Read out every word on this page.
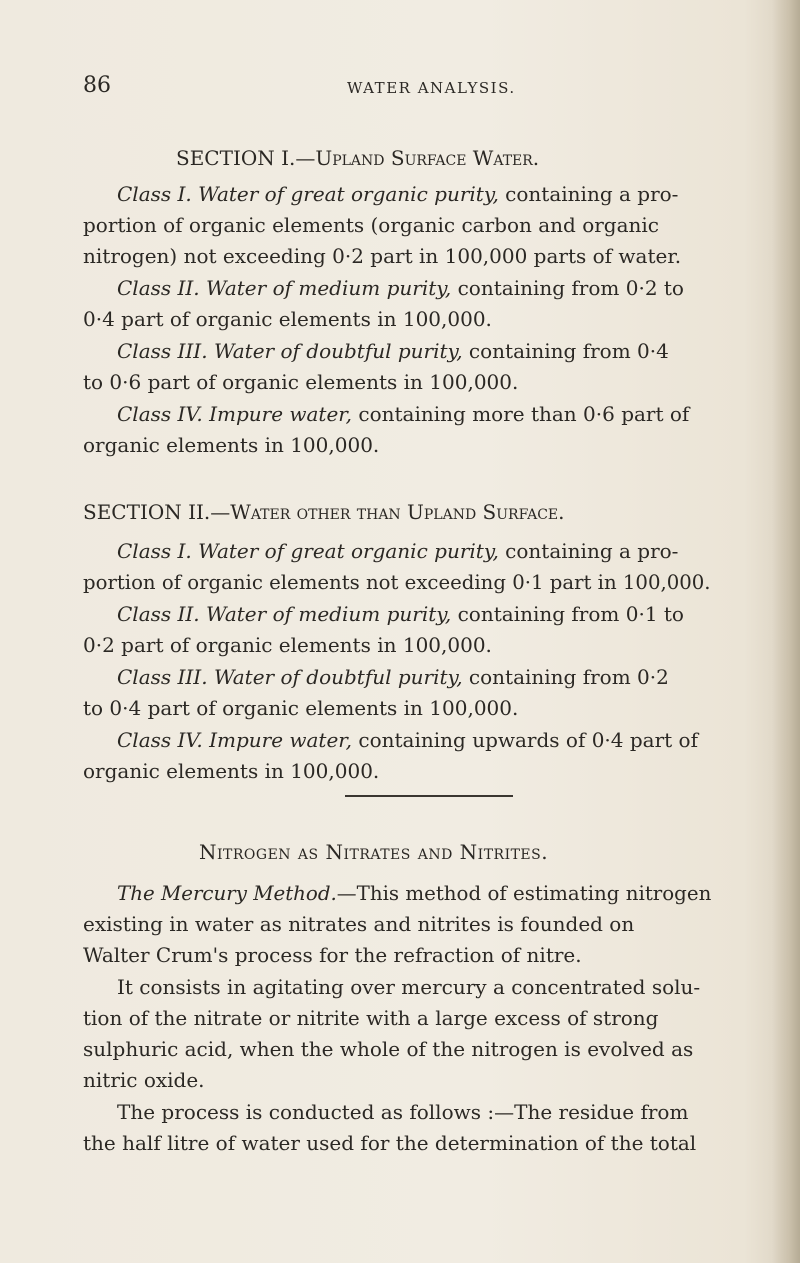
86	WATER ANALYSIS.
SECTION I.—Upland Surface Water.
Class I. Water of great organic purity, containing a pro-
portion of organic elements (organic carbon and organic
nitrogen) not exceeding 0·2 part in 100,000 parts of water.
Class II. Water of medium purity, containing from 0·2 to
0·4 part of organic elements in 100,000.
Class III. Water of doubtful purity, containing from 0·4
to 0·6 part of organic elements in 100,000.
Class IV. Impure water, containing more than 0·6 part of
organic elements in 100,000.
SECTION II.—Water other than Upland Surface.
Class I. Water of great organic purity, containing a pro-
portion of organic elements not exceeding 0·1 part in 100,000.
Class II. Water of medium purity, containing from 0·1 to
0·2 part of organic elements in 100,000.
Class III. Water of doubtful purity, containing from 0·2
to 0·4 part of organic elements in 100,000.
Class IV. Impure water, containing upwards of 0·4 part of
organic elements in 100,000.
Nitrogen as Nitrates and Nitrites.
The Mercury Method.—This method of estimating nitrogen
existing in water as nitrates and nitrites is founded on
Walter Crum's process for the refraction of nitre.
It consists in agitating over mercury a concentrated solu-
tion of the nitrate or nitrite with a large excess of strong
sulphuric acid, when the whole of the nitrogen is evolved as
nitric oxide.
The process is conducted as follows :—The residue from
the half litre of water used for the determination of the total
